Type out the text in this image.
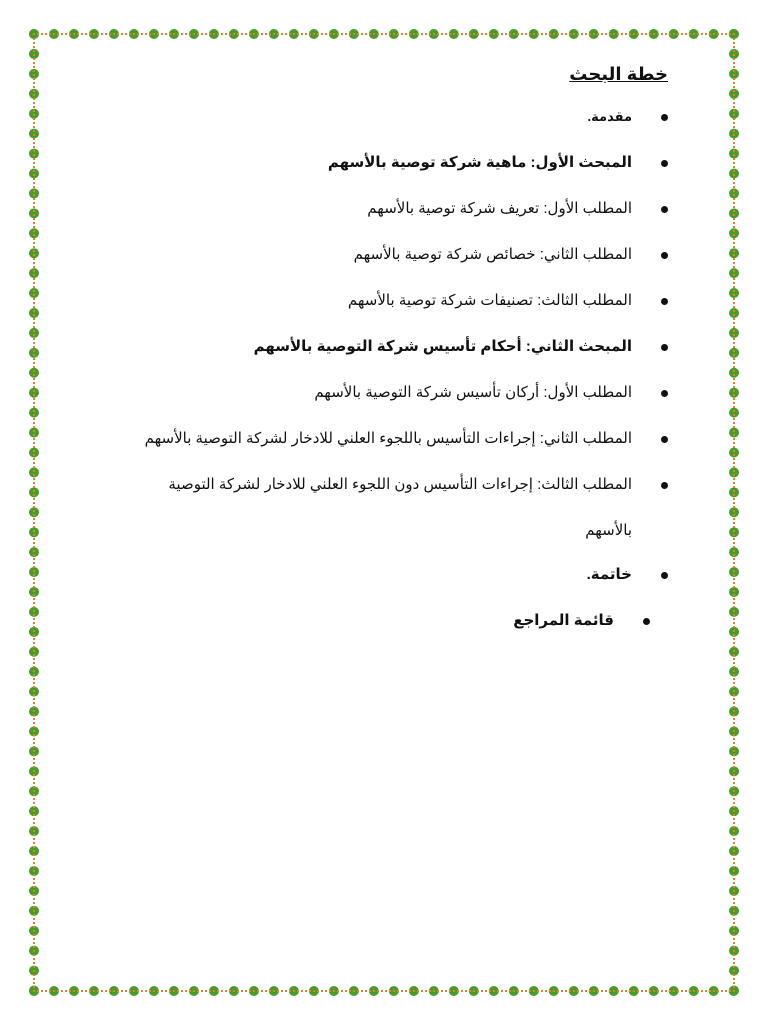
خطة البحث
مقدمة.
المبحث الأول: ماهية شركة توصية بالأسهم
المطلب الأول: تعريف شركة توصية بالأسهم
المطلب الثاني: خصائص شركة توصية بالأسهم
المطلب الثالث: تصنيفات شركة توصية بالأسهم
المبحث الثاني: أحكام تأسيس شركة التوصية بالأسهم
المطلب الأول: أركان تأسيس شركة التوصية بالأسهم
المطلب الثاني: إجراءات التأسيس باللجوء العلني للادخار لشركة التوصية بالأسهم
المطلب الثالث: إجراءات التأسيس دون اللجوء العلني للادخار لشركة التوصية
بالأسهم
خاتمة.
قائمة المراجع
